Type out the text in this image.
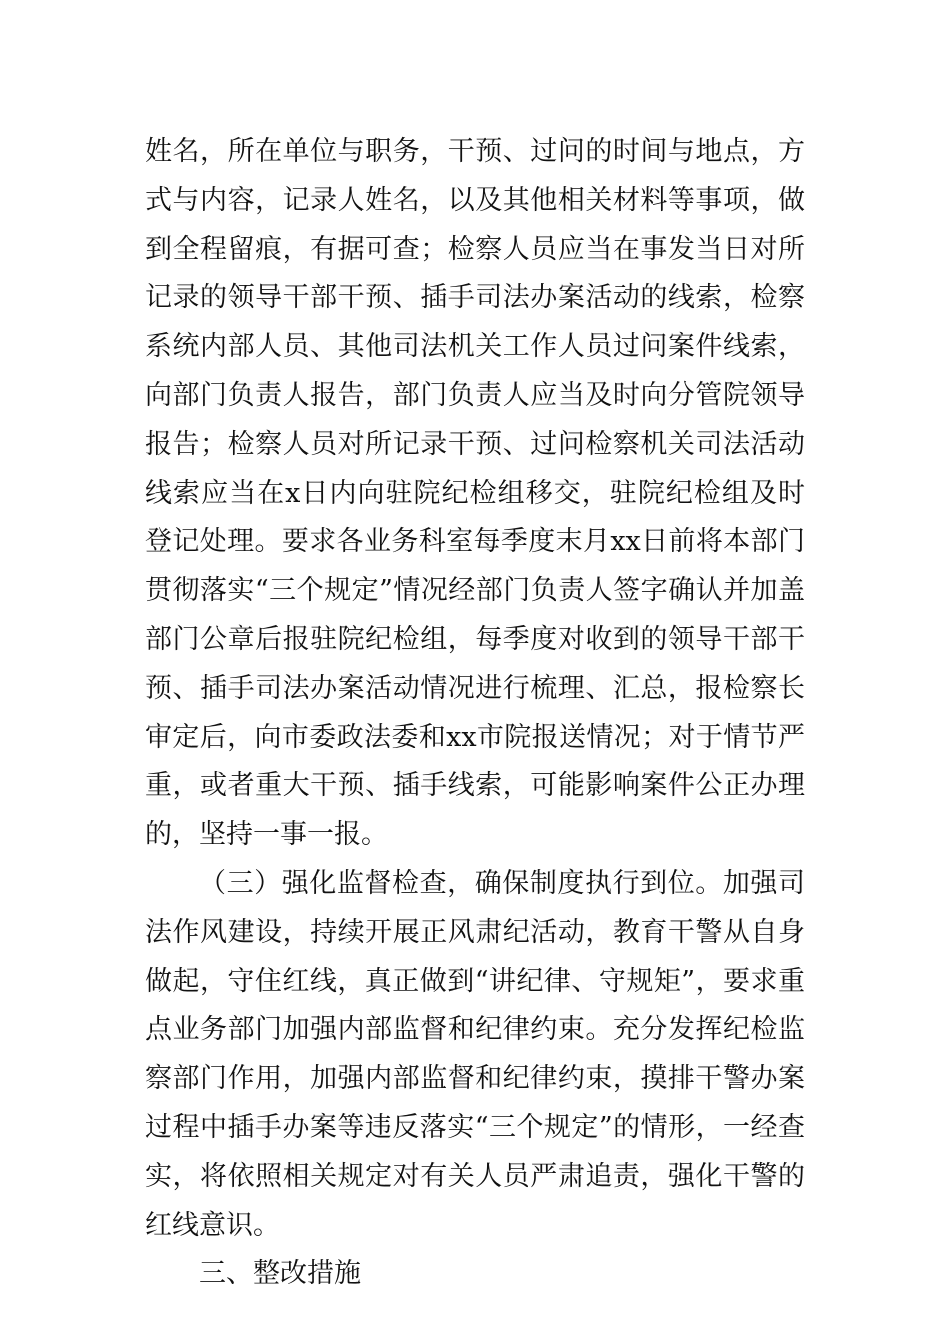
姓名，所在单位与职务，干预、过问的时间与地点，方式与内容，记录人姓名，以及其他相关材料等事项，做到全程留痕，有据可查；检察人员应当在事发当日对所记录的领导干部干预、插手司法办案活动的线索，检察系统内部人员、其他司法机关工作人员过问案件线索，向部门负责人报告，部门负责人应当及时向分管院领导报告；检察人员对所记录干预、过问检察机关司法活动线索应当在x日内向驻院纪检组移交，驻院纪检组及时登记处理。要求各业务科室每季度末月xx日前将本部门贯彻落实“三个规定”情况经部门负责人签字确认并加盖部门公章后报驻院纪检组，每季度对收到的领导干部干预、插手司法办案活动情况进行梳理、汇总，报检察长审定后，向市委政法委和xx市院报送情况；对于情节严重，或者重大干预、插手线索，可能影响案件公正办理的，坚持一事一报。

（三）强化监督检查，确保制度执行到位。加强司法作风建设，持续开展正风肃纪活动，教育干警从自身做起，守住红线，真正做到“讲纪律、守规矩”，要求重点业务部门加强内部监督和纪律约束。充分发挥纪检监察部门作用，加强内部监督和纪律约束，摸排干警办案过程中插手办案等违反落实“三个规定”的情形，一经查实，将依照相关规定对有关人员严肃追责，强化干警的红线意识。

三、整改措施
